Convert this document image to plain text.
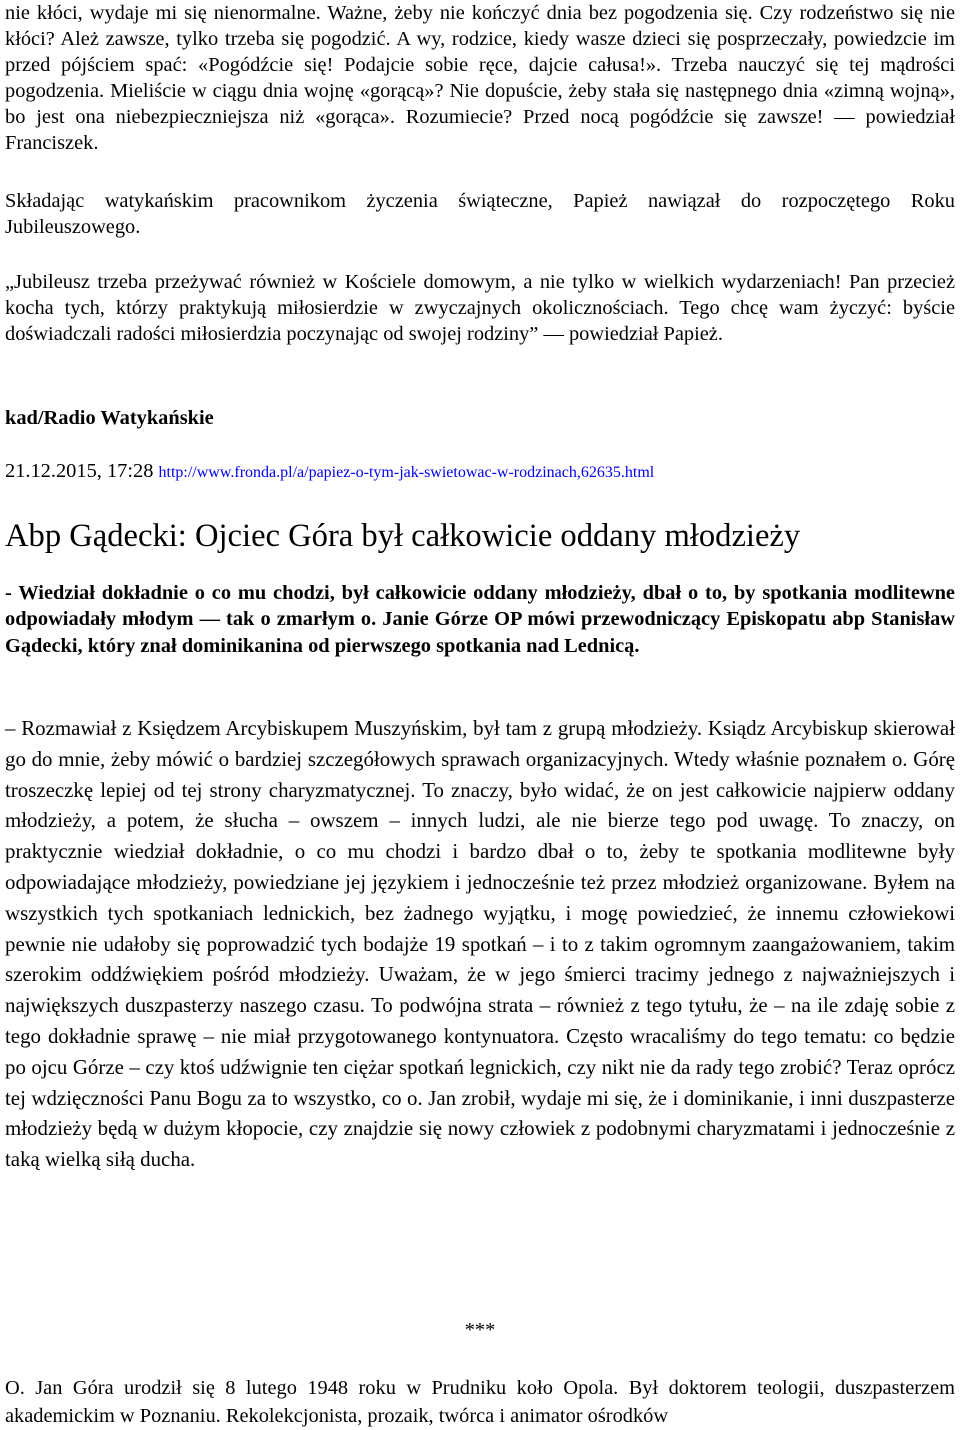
nie kłóci, wydaje mi się nienormalne. Ważne, żeby nie kończyć dnia bez pogodzenia się. Czy rodzeństwo się nie kłóci? Ależ zawsze, tylko trzeba się pogodzić. A wy, rodzice, kiedy wasze dzieci się posprzeczały, powiedzcie im przed pójściem spać: «Pogódźcie się! Podajcie sobie ręce, dajcie całusa!». Trzeba nauczyć się tej mądrości pogodzenia. Mieliście w ciągu dnia wojnę «gorącą»? Nie dopuście, żeby stała się następnego dnia «zimną wojną», bo jest ona niebezpieczniejsza niż «gorąca». Rozumiecie? Przed nocą pogódźcie się zawsze! ― powiedział Franciszek.

Składając watykańskim pracownikom życzenia świąteczne, Papież nawiązał do rozpoczętego Roku Jubileuszowego.

„Jubileusz trzeba przeżywać również w Kościele domowym, a nie tylko w wielkich wydarzeniach! Pan przecież kocha tych, którzy praktykują miłosierdzie w zwyczajnych okolicznościach. Tego chcę wam życzyć: byście doświadczali radości miłosierdzia poczynając od swojej rodziny” ― powiedział Papież.

kad/Radio Watykańskie

21.12.2015, 17:28 http://www.fronda.pl/a/papiez-o-tym-jak-swietowac-w-rodzinach,62635.html

Abp Gądecki: Ojciec Góra był całkowicie oddany młodzieży

- Wiedział dokładnie o co mu chodzi, był całkowicie oddany młodzieży, dbał o to, by spotkania modlitewne odpowiadały młodym ― tak o zmarłym o. Janie Górze OP mówi przewodniczący Episkopatu abp Stanisław Gądecki, który znał dominikanina od pierwszego spotkania nad Lednicą.

– Rozmawiał z Księdzem Arcybiskupem Muszyńskim, był tam z grupą młodzieży. Ksiądz Arcybiskup skierował go do mnie, żeby mówić o bardziej szczegółowych sprawach organizacyjnych. Wtedy właśnie poznałem o. Górę troszeczkę lepiej od tej strony charyzmatycznej. To znaczy, było widać, że on jest całkowicie najpierw oddany młodzieży, a potem, że słucha – owszem – innych ludzi, ale nie bierze tego pod uwagę. To znaczy, on praktycznie wiedział dokładnie, o co mu chodzi i bardzo dbał o to, żeby te spotkania modlitewne były odpowiadające młodzieży, powiedziane jej językiem i jednocześnie też przez młodzież organizowane. Byłem na wszystkich tych spotkaniach lednickich, bez żadnego wyjątku, i mogę powiedzieć, że innemu człowiekowi pewnie nie udałoby się poprowadzić tych bodajże 19 spotkań – i to z takim ogromnym zaangażowaniem, takim szerokim oddźwiękiem pośród młodzieży. Uważam, że w jego śmierci tracimy jednego z najważniejszych i największych duszpasterzy naszego czasu. To podwójna strata – również z tego tytułu, że – na ile zdaję sobie z tego dokładnie sprawę – nie miał przygotowanego kontynuatora. Często wracaliśmy do tego tematu: co będzie po ojcu Górze – czy ktoś udźwignie ten ciężar spotkań legnickich, czy nikt nie da rady tego zrobić? Teraz oprócz tej wdzięczności Panu Bogu za to wszystko, co o. Jan zrobił, wydaje mi się, że i dominikanie, i inni duszpasterze młodzieży będą w dużym kłopocie, czy znajdzie się nowy człowiek z podobnymi charyzmatami i jednocześnie z taką wielką siłą ducha.

***

O. Jan Góra urodził się 8 lutego 1948 roku w Prudniku koło Opola. Był doktorem teologii, duszpasterzem akademickim w Poznaniu. Rekolekcjonista, prozaik, twórca i animator ośrodków
